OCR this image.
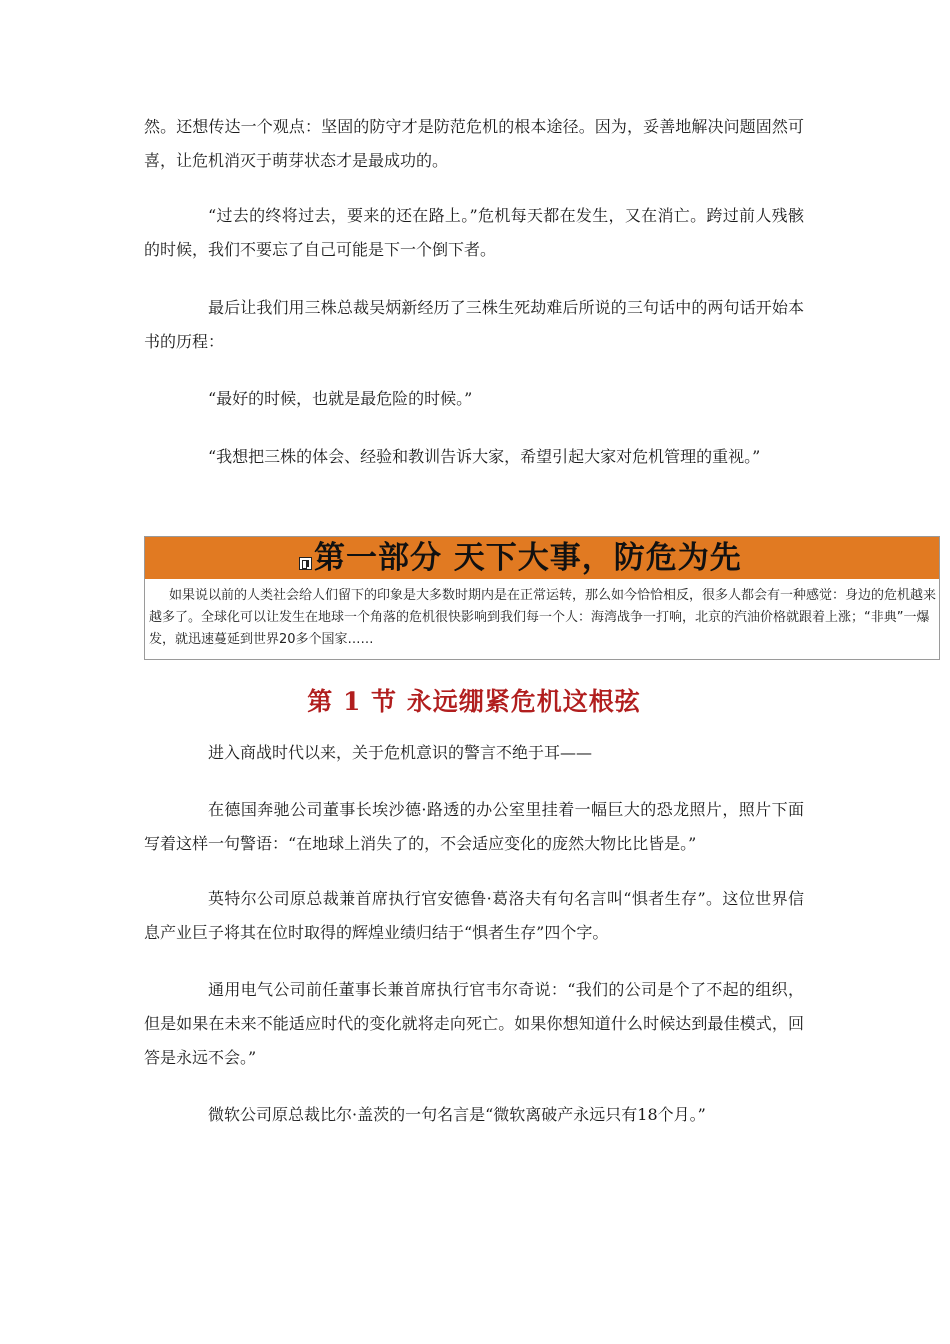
然。还想传达一个观点：坚固的防守才是防范危机的根本途径。因为，妥善地解决问题固然可喜，让危机消灭于萌芽状态才是最成功的。

“过去的终将过去，要来的还在路上。”危机每天都在发生，又在消亡。跨过前人残骸的时候，我们不要忘了自己可能是下一个倒下者。

最后让我们用三株总裁吴炳新经历了三株生死劫难后所说的三句话中的两句话开始本书的历程：

“最好的时候，也就是最危险的时候。”

“我想把三株的体会、经验和教训告诉大家，希望引起大家对危机管理的重视。”

第一部分 天下大事，防危为先
如果说以前的人类社会给人们留下的印象是大多数时期内是在正常运转，那么如今恰恰相反，很多人都会有一种感觉：身边的危机越来越多了。全球化可以让发生在地球一个角落的危机很快影响到我们每一个人：海湾战争一打响，北京的汽油价格就跟着上涨；“非典”一爆发，就迅速蔓延到世界20多个国家……
第 1 节 永远绷紧危机这根弦

进入商战时代以来，关于危机意识的警言不绝于耳——

在德国奔驰公司董事长埃沙德·路透的办公室里挂着一幅巨大的恐龙照片，照片下面写着这样一句警语：“在地球上消失了的，不会适应变化的庞然大物比比皆是。”

英特尔公司原总裁兼首席执行官安德鲁·葛洛夫有句名言叫“惧者生存”。这位世界信息产业巨子将其在位时取得的辉煌业绩归结于“惧者生存”四个字。

通用电气公司前任董事长兼首席执行官韦尔奇说：“我们的公司是个了不起的组织，但是如果在未来不能适应时代的变化就将走向死亡。如果你想知道什么时候达到最佳模式，回答是永远不会。”

微软公司原总裁比尔·盖茨的一句名言是“微软离破产永远只有18个月。”
